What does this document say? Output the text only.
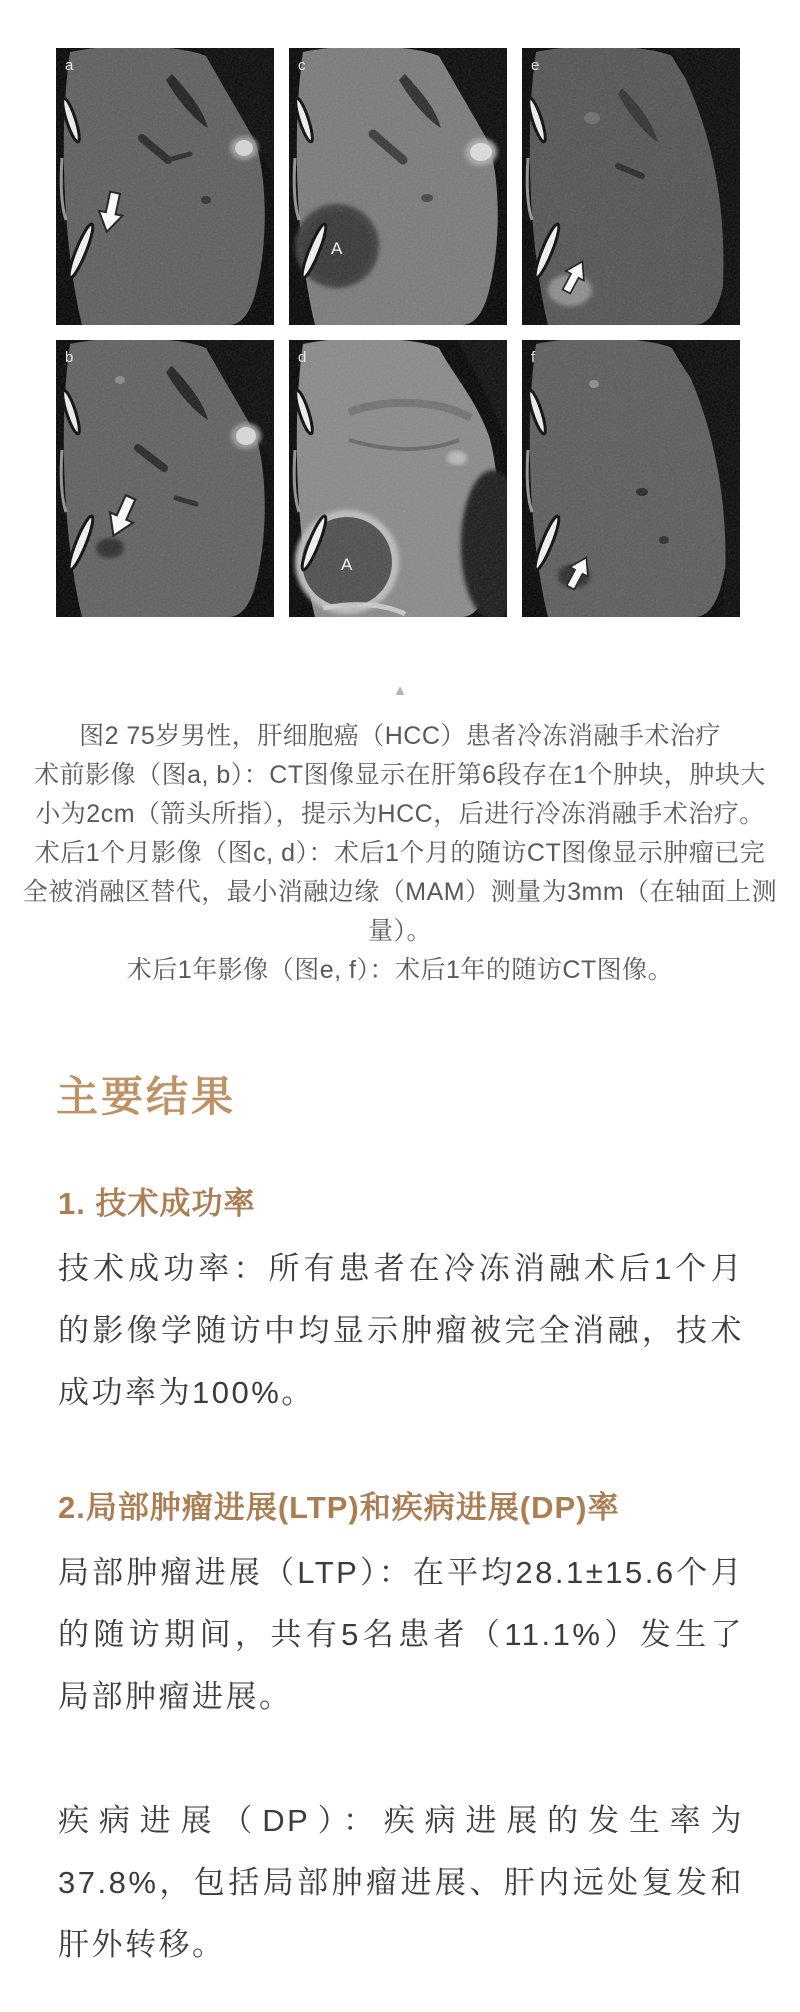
a
A
c	e
b
A
d	f
▲
图2 75岁男性，肝细胞癌（HCC）患者冷冻消融手术治疗
术前影像（图a, b）：CT图像显示在肝第6段存在1个肿块，肿块大
小为2cm（箭头所指），提示为HCC，后进行冷冻消融手术治疗。
术后1个月影像（图c, d）：术后1个月的随访CT图像显示肿瘤已完
全被消融区替代，最小消融边缘（MAM）测量为3mm（在轴面上测量）。
术后1年影像（图e, f）：术后1年的随访CT图像。
主要结果
1. 技术成功率

技术成功率：所有患者在冷冻消融术后1个月的影像学随访中均显示肿瘤被完全消融，技术成功率为100%。

2.局部肿瘤进展(LTP)和疾病进展(DP)率

局部肿瘤进展（LTP）：在平均28.1±15.6个月的随访期间，共有5名患者（11.1%）发生了局部肿瘤进展。

疾病进展（DP）：疾病进展的发生率为37.8%，包括局部肿瘤进展、肝内远处复发和肝外转移。
